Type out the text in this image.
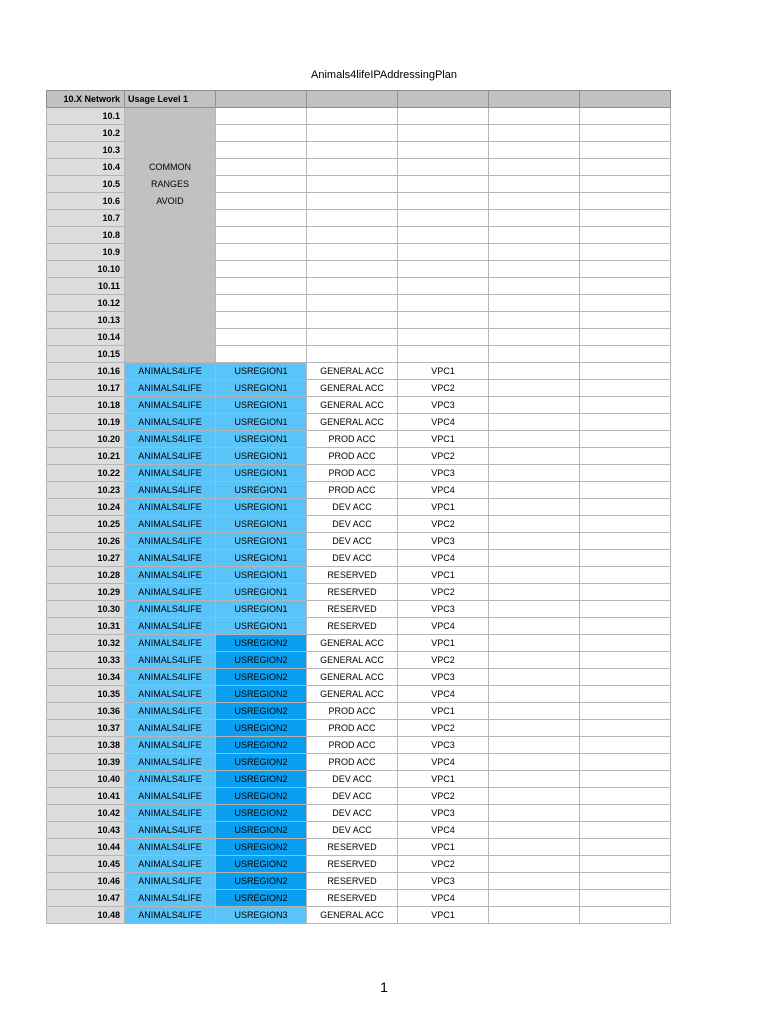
Animals4lifeIPAddressingPlan
10.X Network	Usage Level 1					
10.1						
10.2						
10.3						
10.4	COMMON					
10.5	RANGES					
10.6	AVOID					
10.7						
10.8						
10.9						
10.10						
10.11						
10.12						
10.13						
10.14						
10.15						
10.16	ANIMALS4LIFE	USREGION1	GENERAL ACC	VPC1		
10.17	ANIMALS4LIFE	USREGION1	GENERAL ACC	VPC2		
10.18	ANIMALS4LIFE	USREGION1	GENERAL ACC	VPC3		
10.19	ANIMALS4LIFE	USREGION1	GENERAL ACC	VPC4		
10.20	ANIMALS4LIFE	USREGION1	PROD ACC	VPC1		
10.21	ANIMALS4LIFE	USREGION1	PROD ACC	VPC2		
10.22	ANIMALS4LIFE	USREGION1	PROD ACC	VPC3		
10.23	ANIMALS4LIFE	USREGION1	PROD ACC	VPC4		
10.24	ANIMALS4LIFE	USREGION1	DEV ACC	VPC1		
10.25	ANIMALS4LIFE	USREGION1	DEV ACC	VPC2		
10.26	ANIMALS4LIFE	USREGION1	DEV ACC	VPC3		
10.27	ANIMALS4LIFE	USREGION1	DEV ACC	VPC4		
10.28	ANIMALS4LIFE	USREGION1	RESERVED	VPC1		
10.29	ANIMALS4LIFE	USREGION1	RESERVED	VPC2		
10.30	ANIMALS4LIFE	USREGION1	RESERVED	VPC3		
10.31	ANIMALS4LIFE	USREGION1	RESERVED	VPC4		
10.32	ANIMALS4LIFE	USREGION2	GENERAL ACC	VPC1		
10.33	ANIMALS4LIFE	USREGION2	GENERAL ACC	VPC2		
10.34	ANIMALS4LIFE	USREGION2	GENERAL ACC	VPC3		
10.35	ANIMALS4LIFE	USREGION2	GENERAL ACC	VPC4		
10.36	ANIMALS4LIFE	USREGION2	PROD ACC	VPC1		
10.37	ANIMALS4LIFE	USREGION2	PROD ACC	VPC2		
10.38	ANIMALS4LIFE	USREGION2	PROD ACC	VPC3		
10.39	ANIMALS4LIFE	USREGION2	PROD ACC	VPC4		
10.40	ANIMALS4LIFE	USREGION2	DEV ACC	VPC1		
10.41	ANIMALS4LIFE	USREGION2	DEV ACC	VPC2		
10.42	ANIMALS4LIFE	USREGION2	DEV ACC	VPC3		
10.43	ANIMALS4LIFE	USREGION2	DEV ACC	VPC4		
10.44	ANIMALS4LIFE	USREGION2	RESERVED	VPC1		
10.45	ANIMALS4LIFE	USREGION2	RESERVED	VPC2		
10.46	ANIMALS4LIFE	USREGION2	RESERVED	VPC3		
10.47	ANIMALS4LIFE	USREGION2	RESERVED	VPC4		
10.48	ANIMALS4LIFE	USREGION3	GENERAL ACC	VPC1		
1
